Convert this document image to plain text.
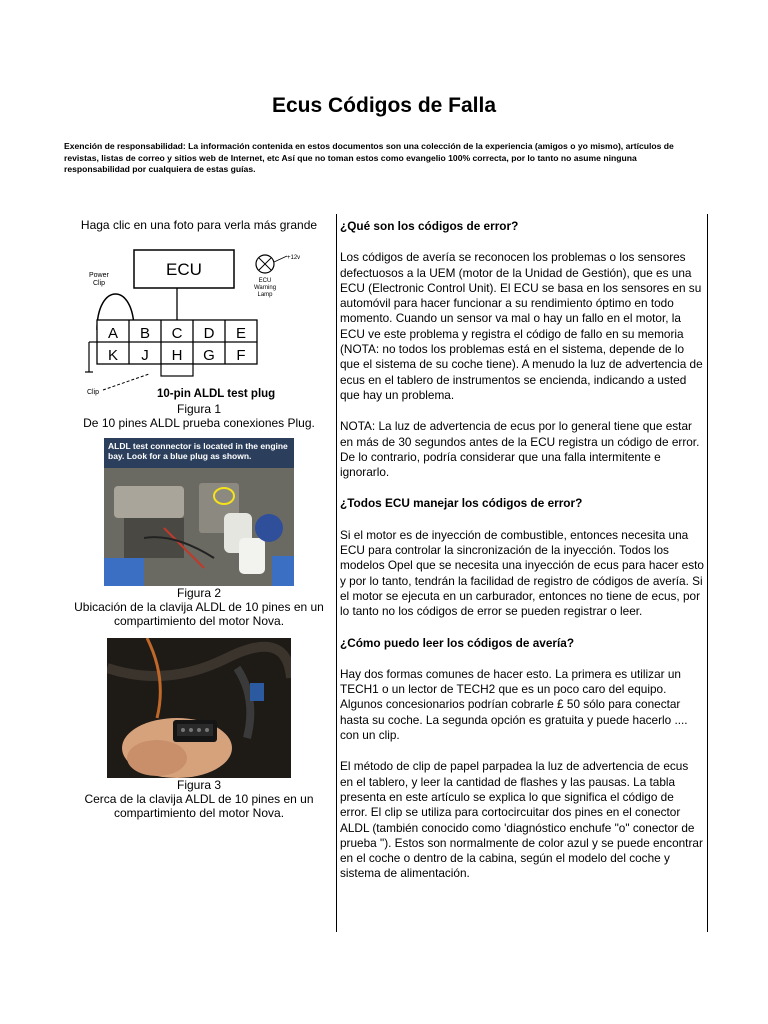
Ecus Códigos de Falla
Exención de responsabilidad: La información contenida en estos documentos son una colección de la experiencia (amigos o yo mismo), artículos de revistas, listas de correo y sitios web de Internet, etc Así que no toman estos como evangelio 100% correcta, por lo tanto no asume ninguna responsabilidad por cualquiera de estas guías.
Haga clic en una foto para verla más grande
ECU
+12v
ECU
Warning
Lamp
Power
Clip
A B C D E
K J H G F
Clip	10-pin ALDL test plug
Figura 1
De 10 pines ALDL prueba conexiones Plug.
ALDL test connector is located in the engine bay. Look for a blue plug as shown.
Figura 2
Ubicación de la clavija ALDL de 10 pines en un compartimiento del motor Nova.
Figura 3
Cerca de la clavija ALDL de 10 pines en un compartimiento del motor Nova.
¿Qué son los códigos de error?

Los códigos de avería se reconocen los problemas o los sensores defectuosos a la UEM (motor de la Unidad de Gestión), que es una ECU (Electronic Control Unit). El ECU se basa en los sensores en su automóvil para hacer funcionar a su rendimiento óptimo en todo momento. Cuando un sensor va mal o hay un fallo en el motor, la ECU ve este problema y registra el código de fallo en su memoria (NOTA: no todos los problemas está en el sistema, depende de lo que el sistema de su coche tiene). A menudo la luz de advertencia de ecus en el tablero de instrumentos se encienda, indicando a usted que hay un problema.

NOTA: La luz de advertencia de ecus por lo general tiene que estar en más de 30 segundos antes de la ECU registra un código de error. De lo contrario, podría considerar que una falla intermitente e ignorarlo.

¿Todos ECU manejar los códigos de error?

Si el motor es de inyección de combustible, entonces necesita una ECU para controlar la sincronización de la inyección. Todos los modelos Opel que se necesita una inyección de ecus para hacer esto y por lo tanto, tendrán la facilidad de registro de códigos de avería. Si el motor se ejecuta en un carburador, entonces no tiene de ecus, por lo tanto no los códigos de error se pueden registrar o leer.

¿Cómo puedo leer los códigos de avería?

Hay dos formas comunes de hacer esto. La primera es utilizar un TECH1 o un lector de TECH2 que es un poco caro del equipo. Algunos concesionarios podrían cobrarle £ 50 sólo para conectar hasta su coche. La segunda opción es gratuita y puede hacerlo .... con un clip.

El método de clip de papel parpadea la luz de advertencia de ecus en el tablero, y leer la cantidad de flashes y las pausas. La tabla presenta en este artículo se explica lo que significa el código de error. El clip se utiliza para cortocircuitar dos pines en el conector ALDL (también conocido como 'diagnóstico enchufe "o" conector de prueba "). Estos son normalmente de color azul y se puede encontrar en el coche o dentro de la cabina, según el modelo del coche y sistema de alimentación.
